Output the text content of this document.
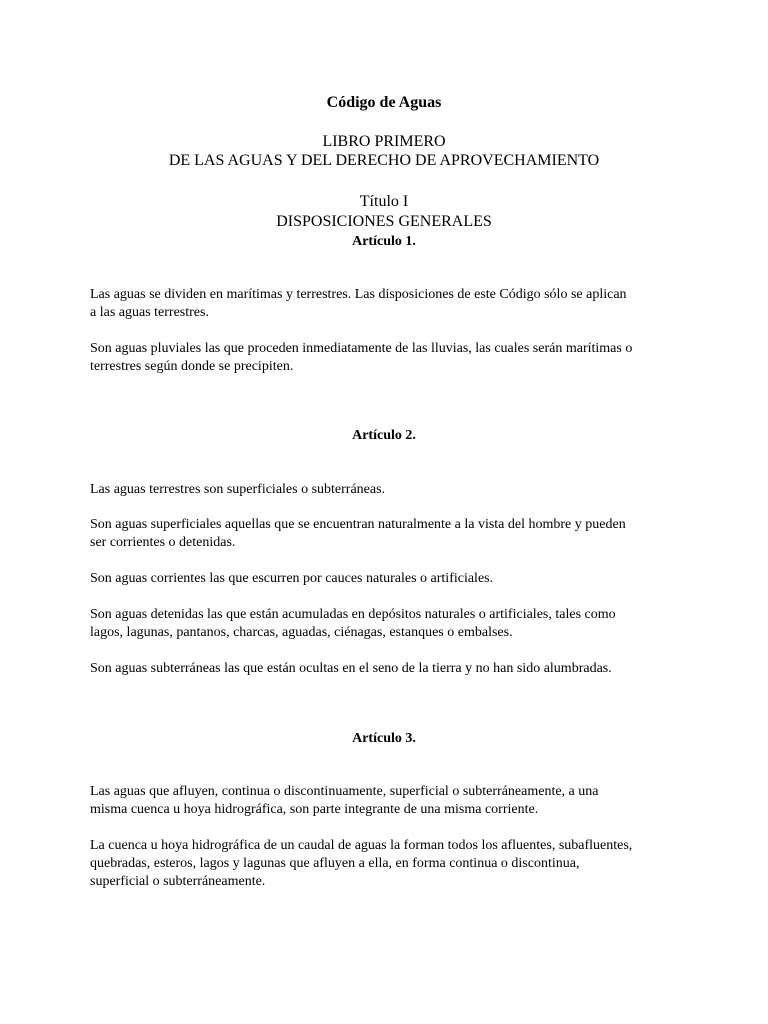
Código de Aguas
LIBRO PRIMERO
DE LAS AGUAS Y DEL DERECHO DE APROVECHAMIENTO
Título I
DISPOSICIONES GENERALES
Artículo 1.
Las aguas se dividen en marítimas y terrestres. Las disposiciones de este Código sólo se aplican
a las aguas terrestres.
Son aguas pluviales las que proceden inmediatamente de las lluvias, las cuales serán marítimas o
terrestres según donde se precipiten.
Artículo 2.
Las aguas terrestres son superficiales o subterráneas.
Son aguas superficiales aquellas que se encuentran naturalmente a la vista del hombre y pueden
ser corrientes o detenidas.
Son aguas corrientes las que escurren por cauces naturales o artificiales.
Son aguas detenidas las que están acumuladas en depósitos naturales o artificiales, tales como
lagos, lagunas, pantanos, charcas, aguadas, ciénagas, estanques o embalses.
Son aguas subterráneas las que están ocultas en el seno de la tierra y no han sido alumbradas.
Artículo 3.
Las aguas que afluyen, continua o discontinuamente, superficial o subterráneamente, a una
misma cuenca u hoya hidrográfica, son parte integrante de una misma corriente.
La cuenca u hoya hidrográfica de un caudal de aguas la forman todos los afluentes, subafluentes,
quebradas, esteros, lagos y lagunas que afluyen a ella, en forma continua o discontinua,
superficial o subterráneamente.
